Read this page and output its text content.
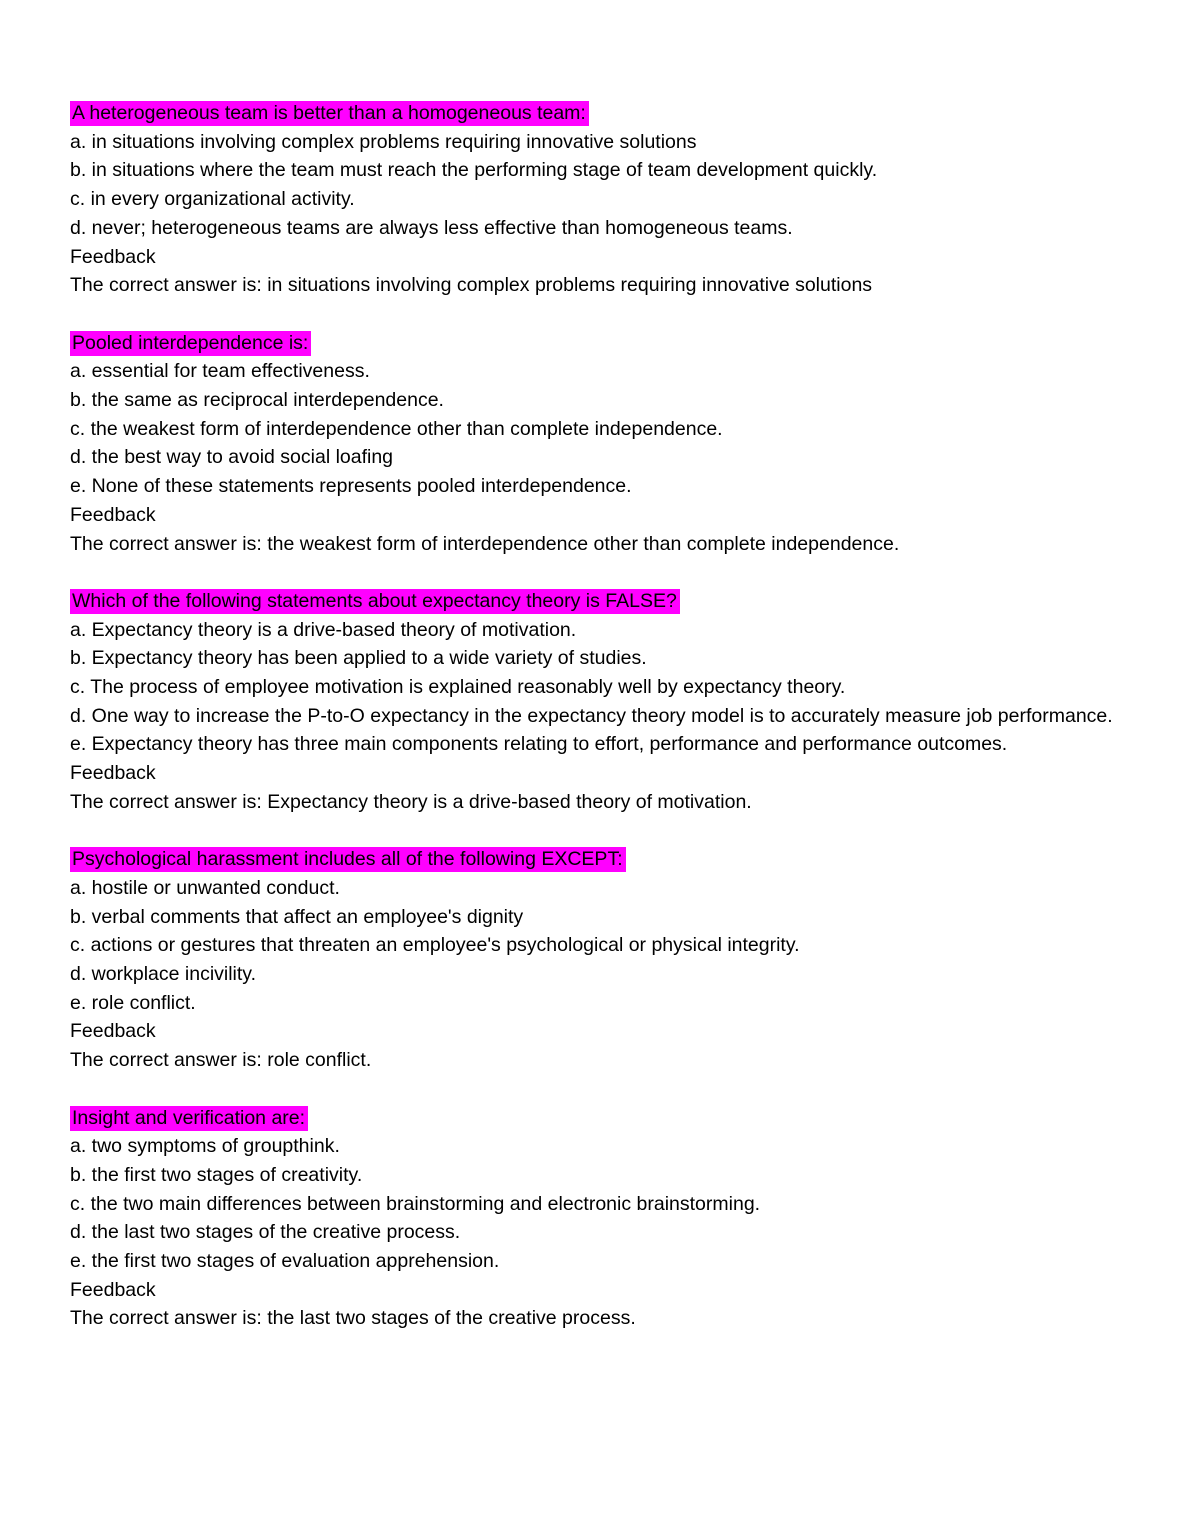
A heterogeneous team is better than a homogeneous team:
a. in situations involving complex problems requiring innovative solutions
b. in situations where the team must reach the performing stage of team development quickly.
c. in every organizational activity.
d. never; heterogeneous teams are always less effective than homogeneous teams.
Feedback
The correct answer is: in situations involving complex problems requiring innovative solutions
Pooled interdependence is:
a. essential for team effectiveness.
b. the same as reciprocal interdependence.
c. the weakest form of interdependence other than complete independence.
d. the best way to avoid social loafing
e. None of these statements represents pooled interdependence.
Feedback
The correct answer is: the weakest form of interdependence other than complete independence.
Which of the following statements about expectancy theory is FALSE?
a. Expectancy theory is a drive-based theory of motivation.
b. Expectancy theory has been applied to a wide variety of studies.
c. The process of employee motivation is explained reasonably well by expectancy theory.
d. One way to increase the P-to-O expectancy in the expectancy theory model is to accurately measure job performance.
e. Expectancy theory has three main components relating to effort, performance and performance outcomes.
Feedback
The correct answer is: Expectancy theory is a drive-based theory of motivation.
Psychological harassment includes all of the following EXCEPT:
a. hostile or unwanted conduct.
b. verbal comments that affect an employee's dignity
c. actions or gestures that threaten an employee's psychological or physical integrity.
d. workplace incivility.
e. role conflict.
Feedback
The correct answer is: role conflict.
Insight and verification are:
a. two symptoms of groupthink.
b. the first two stages of creativity.
c. the two main differences between brainstorming and electronic brainstorming.
d. the last two stages of the creative process.
e. the first two stages of evaluation apprehension.
Feedback
The correct answer is: the last two stages of the creative process.
